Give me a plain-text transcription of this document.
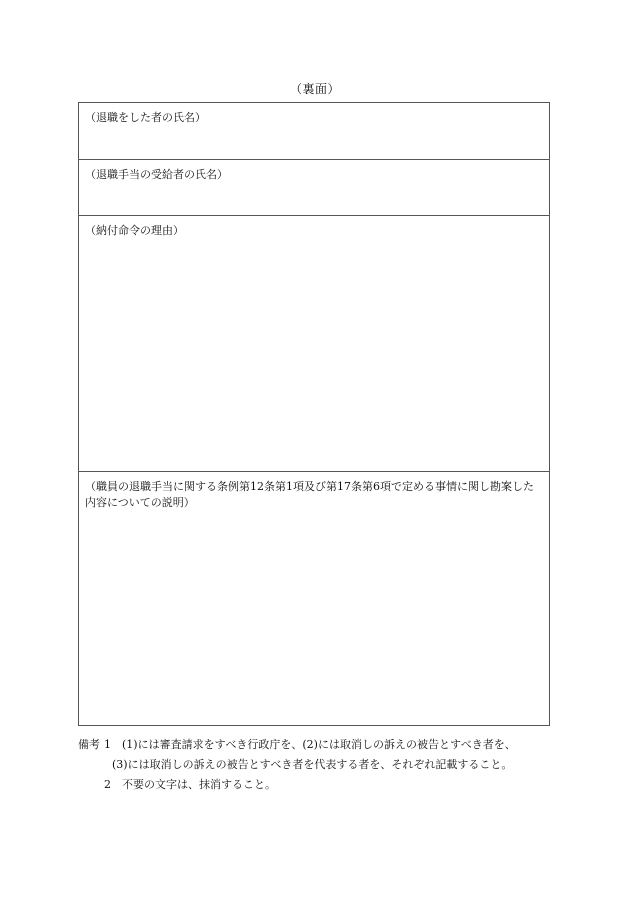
（裏面）
（退職をした者の氏名）
（退職手当の受給者の氏名）
（納付命令の理由）
（職員の退職手当に関する条例第12条第1項及び第17条第6項で定める事情に関し勘案した内容についての説明）
備考 1 (1)には審査請求をすべき行政庁を、(2)には取消しの訴えの被告とすべき者を、
(3)には取消しの訴えの被告とすべき者を代表する者を、それぞれ記載すること。
2 不要の文字は、抹消すること。
